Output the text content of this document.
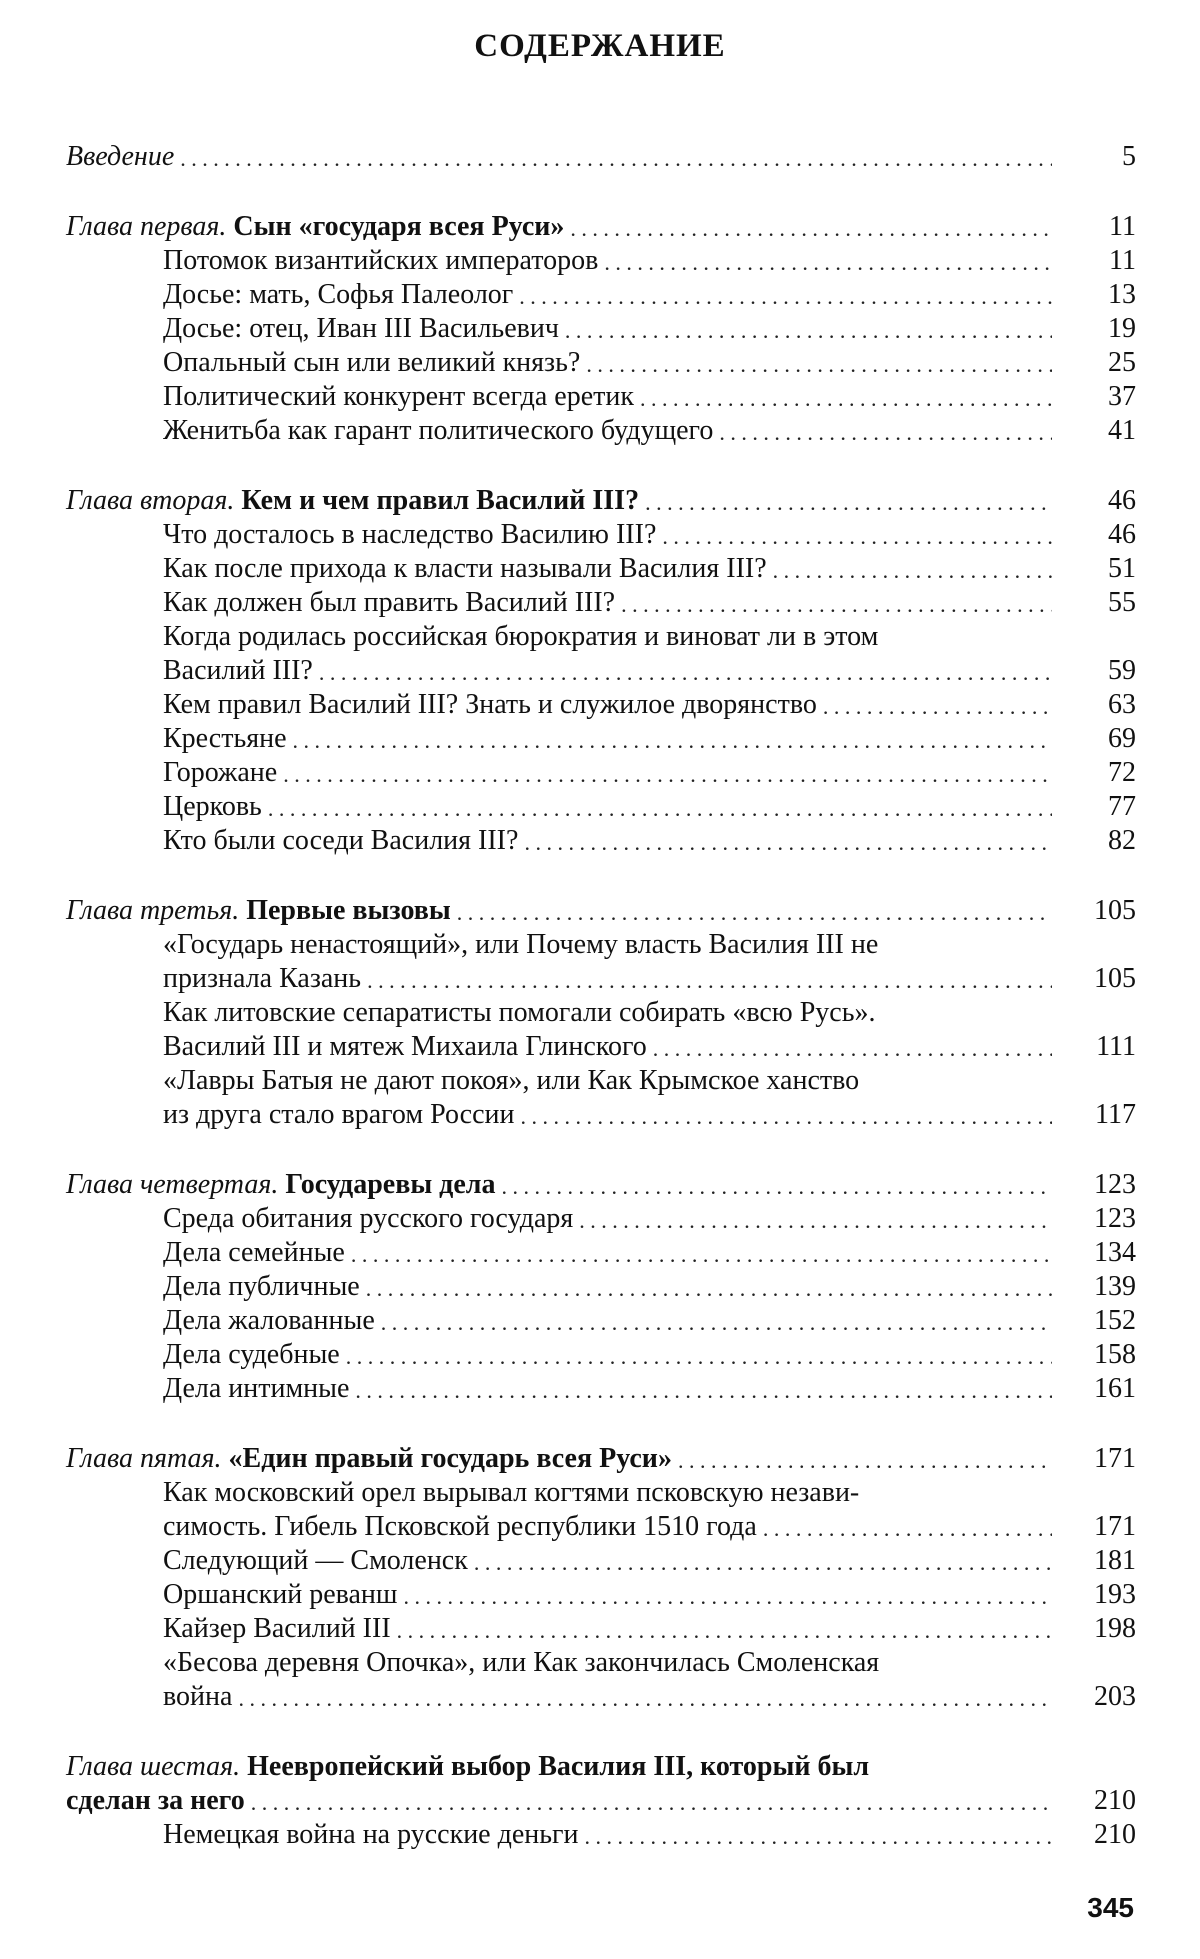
СОДЕРЖАНИЕ
Введение . . .	5
Глава первая. Сын «государя всея Руси» . . .	11
Потомок византийских императоров . . .	11
Досье: мать, Софья Палеолог . . .	13
Досье: отец, Иван III Васильевич . . .	19
Опальный сын или великий князь? . . .	25
Политический конкурент всегда еретик . . .	37
Женитьба как гарант политического будущего . . .	41
Глава вторая. Кем и чем правил Василий III? . . .	46
Что досталось в наследство Василию III? . . .	46
Как после прихода к власти называли Василия III? . . .	51
Как должен был править Василий III? . . .	55
Когда родилась российская бюрократия и виноват ли в этом
Василий III? . . .	59
Кем правил Василий III? Знать и служилое дворянство . . .	63
Крестьяне . . .	69
Горожане . . .	72
Церковь . . .	77
Кто были соседи Василия III? . . .	82
Глава третья. Первые вызовы . . .	105
«Государь ненастоящий», или Почему власть Василия III не
признала Казань . . .	105
Как литовские сепаратисты помогали собирать «всю Русь».
Василий III и мятеж Михаила Глинского . . .	111
«Лавры Батыя не дают покоя», или Как Крымское ханство
из друга стало врагом России . . .	117
Глава четвертая. Государевы дела . . .	123
Среда обитания русского государя . . .	123
Дела семейные . . .	134
Дела публичные . . .	139
Дела жалованные . . .	152
Дела судебные . . .	158
Дела интимные . . .	161
Глава пятая. «Един правый государь всея Руси» . . .	171
Как московский орел вырывал когтями псковскую незави-
симость. Гибель Псковской республики 1510 года . . .	171
Следующий — Смоленск . . .	181
Оршанский реванш . . .	193
Кайзер Василий III . . .	198
«Бесова деревня Опочка», или Как закончилась Смоленская
война . . .	203
Глава шестая. Неевропейский выбор Василия III, который был
сделан за него . . .	210
Немецкая война на русские деньги . . .	210
345
